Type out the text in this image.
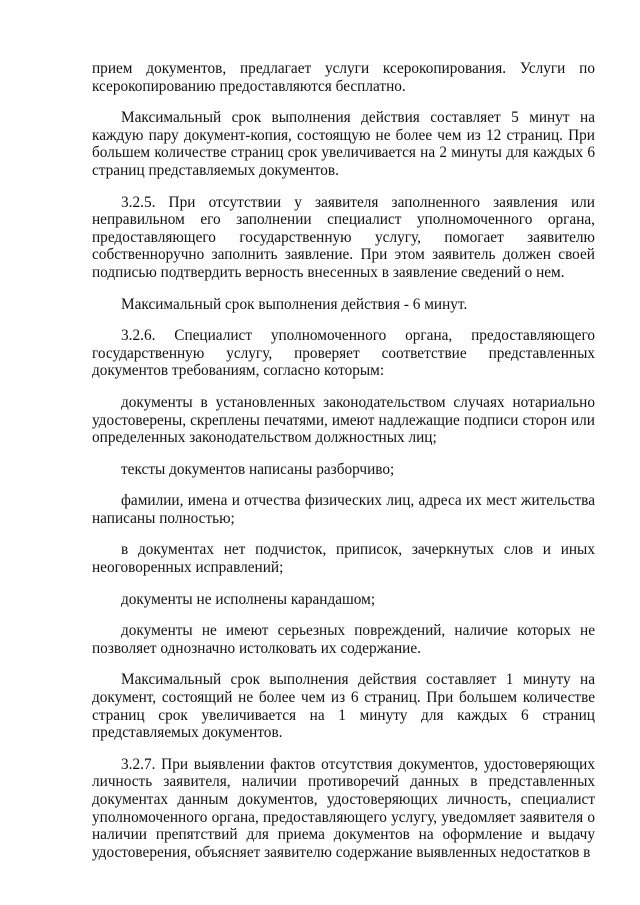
прием документов, предлагает услуги ксерокопирования. Услуги по ксерокопированию предоставляются бесплатно.

Максимальный срок выполнения действия составляет 5 минут на каждую пару документ-копия, состоящую не более чем из 12 страниц. При большем количестве страниц срок увеличивается на 2 минуты для каждых 6 страниц представляемых документов.

3.2.5. При отсутствии у заявителя заполненного заявления или неправильном его заполнении специалист уполномоченного органа, предоставляющего государственную услугу, помогает заявителю собственноручно заполнить заявление. При этом заявитель должен своей подписью подтвердить верность внесенных в заявление сведений о нем.

Максимальный срок выполнения действия - 6 минут.

3.2.6. Специалист уполномоченного органа, предоставляющего государственную услугу, проверяет соответствие представленных документов требованиям, согласно которым:

документы в установленных законодательством случаях нотариально удостоверены, скреплены печатями, имеют надлежащие подписи сторон или определенных законодательством должностных лиц;

тексты документов написаны разборчиво;

фамилии, имена и отчества физических лиц, адреса их мест жительства написаны полностью;

в документах нет подчисток, приписок, зачеркнутых слов и иных неоговоренных исправлений;

документы не исполнены карандашом;

документы не имеют серьезных повреждений, наличие которых не позволяет однозначно истолковать их содержание.

Максимальный срок выполнения действия составляет 1 минуту на документ, состоящий не более чем из 6 страниц. При большем количестве страниц срок увеличивается на 1 минуту для каждых 6 страниц представляемых документов.

3.2.7. При выявлении фактов отсутствия документов, удостоверяющих личность заявителя, наличии противоречий данных в представленных документах данным документов, удостоверяющих личность, специалист уполномоченного органа, предоставляющего услугу, уведомляет заявителя о наличии препятствий для приема документов на оформление и выдачу удостоверения, объясняет заявителю содержание выявленных недостатков в
